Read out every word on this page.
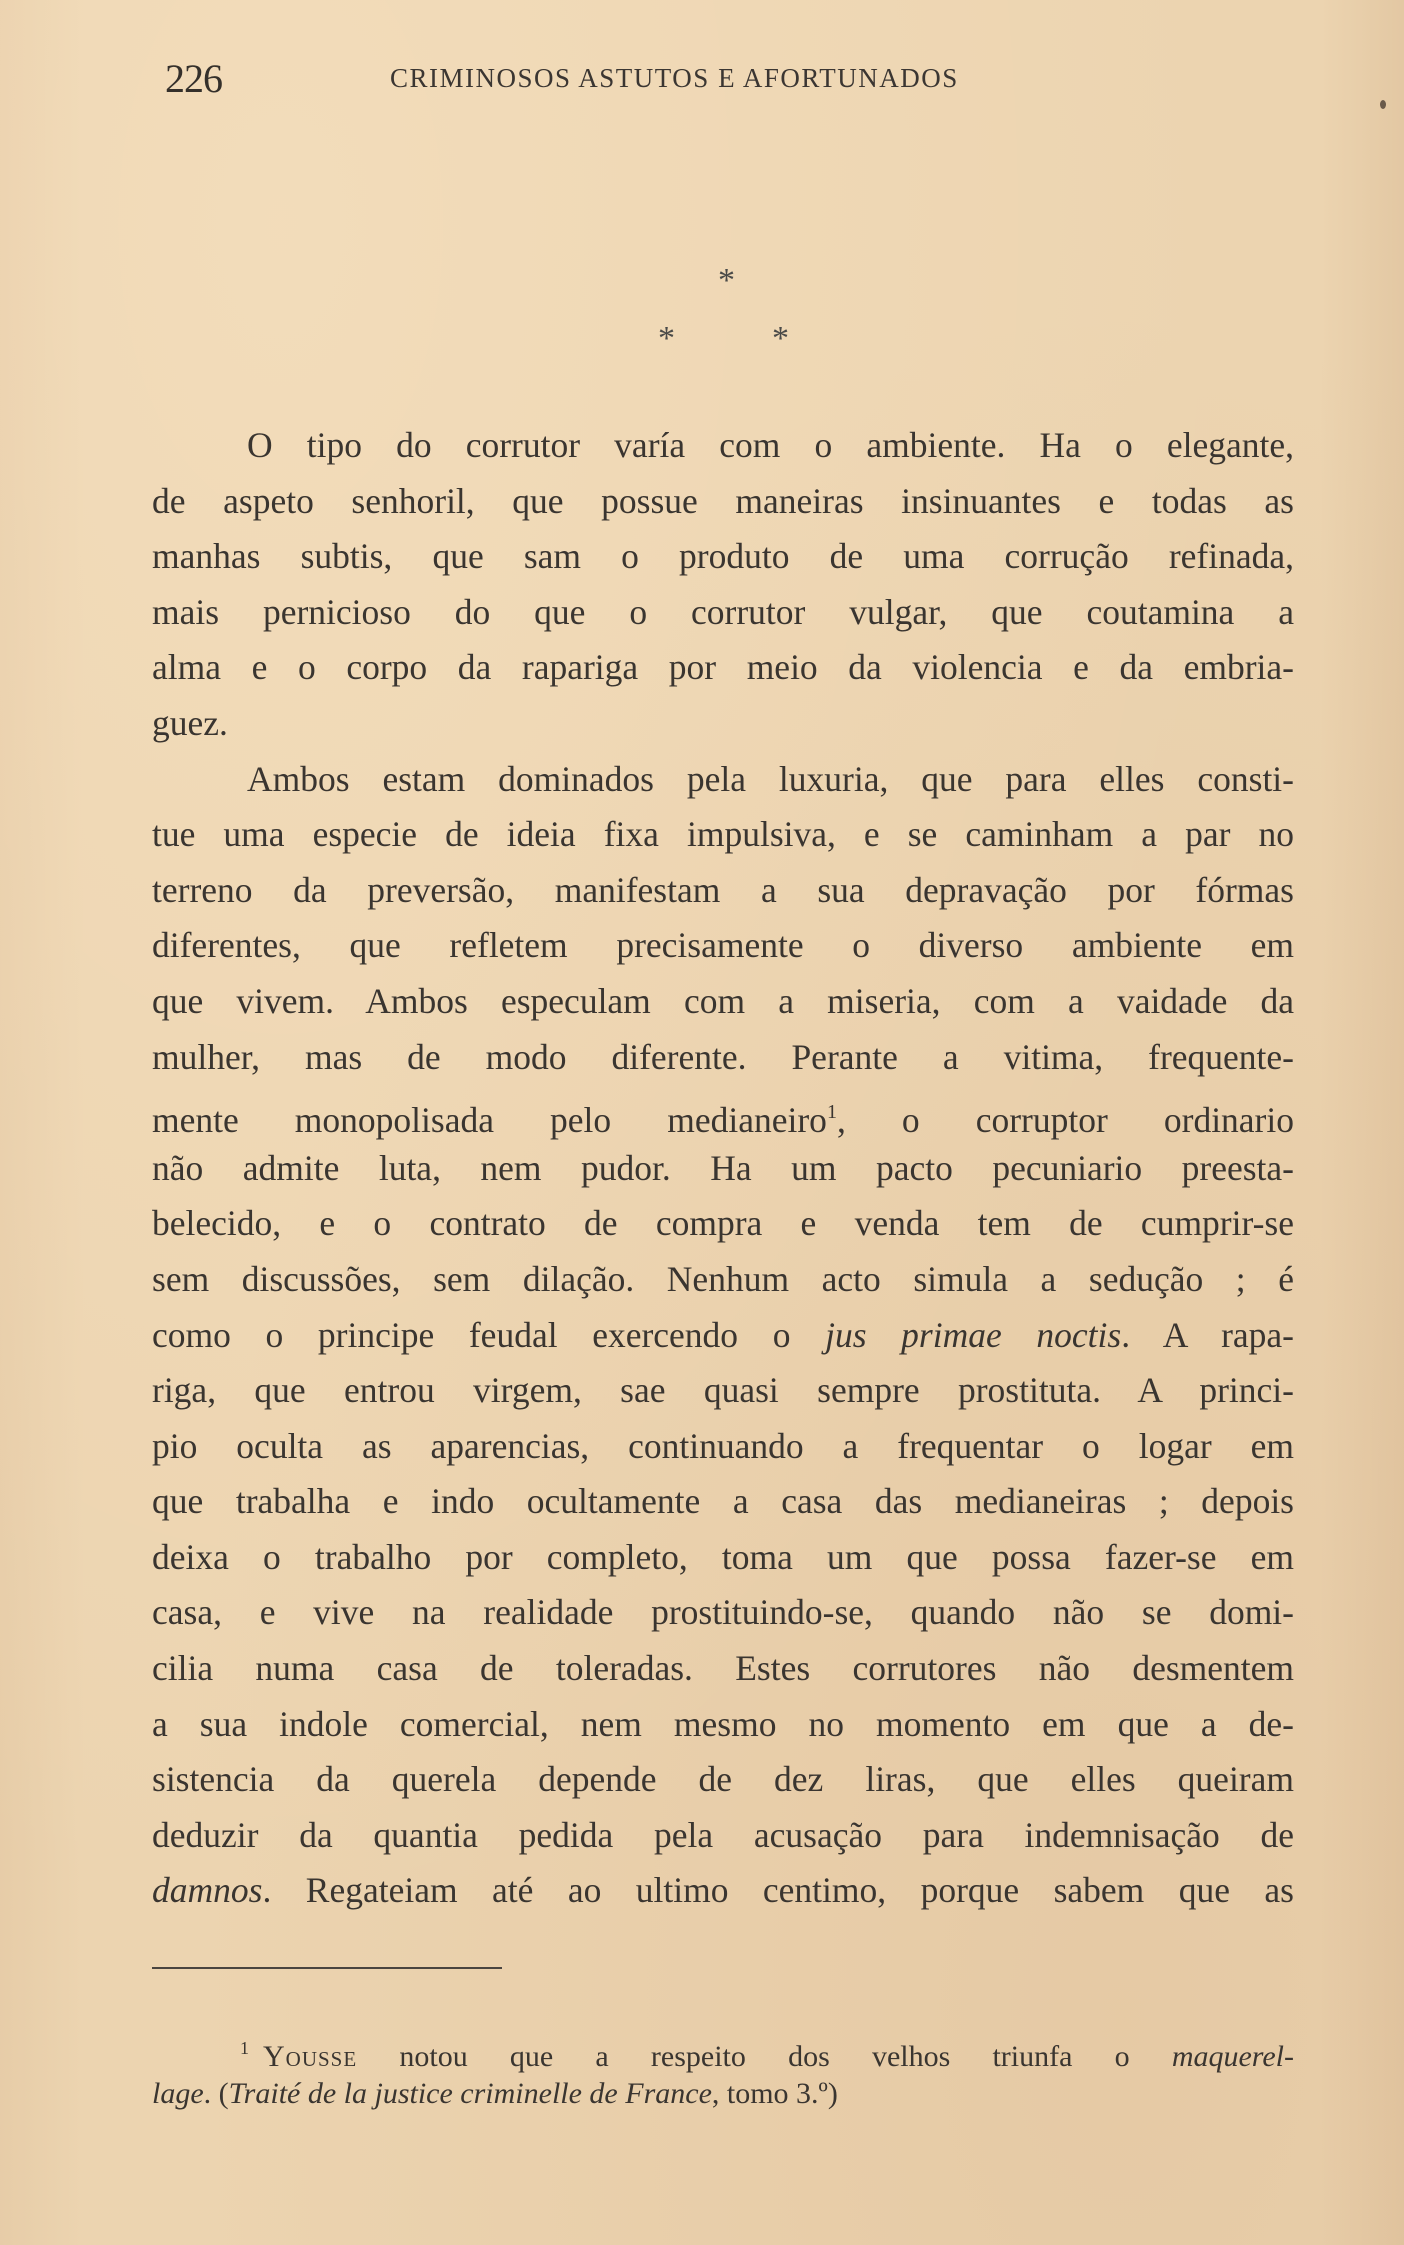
226	CRIMINOSOS ASTUTOS E AFORTUNADOS
*
*	*
O tipo do corrutor varía com o ambiente. Ha o elegante,
de aspeto senhoril, que possue maneiras insinuantes e todas as
manhas subtis, que sam o produto de uma corrução refinada,
mais pernicioso do que o corrutor vulgar, que coutamina a
alma e o corpo da rapariga por meio da violencia e da embria-
guez.
Ambos estam dominados pela luxuria, que para elles consti-
tue uma especie de ideia fixa impulsiva, e se caminham a par no
terreno da preversão, manifestam a sua depravação por fórmas
diferentes, que refletem precisamente o diverso ambiente em
que vivem. Ambos especulam com a miseria, com a vaidade da
mulher, mas de modo diferente. Perante a vitima, frequente-
mente monopolisada pelo medianeiro$^1$, o corruptor ordinario
não admite luta, nem pudor. Ha um pacto pecuniario preesta-
belecido, e o contrato de compra e venda tem de cumprir-se
sem discussões, sem dilação. Nenhum acto simula a sedução ; é
como o principe feudal exercendo o jus primae noctis. A rapa-
riga, que entrou virgem, sae quasi sempre prostituta. A princi-
pio oculta as aparencias, continuando a frequentar o logar em
que trabalha e indo ocultamente a casa das medianeiras ; depois
deixa o trabalho por completo, toma um que possa fazer-se em
casa, e vive na realidade prostituindo-se, quando não se domi-
cilia numa casa de toleradas. Estes corrutores não desmentem
a sua indole comercial, nem mesmo no momento em que a de-
sistencia da querela depende de dez liras, que elles queiram
deduzir da quantia pedida pela acusação para indemnisação de
damnos. Regateiam até ao ultimo centimo, porque sabem que as
$^1$ Yousse notou que a respeito dos velhos triunfa o maquerel-
lage. (Traité de la justice criminelle de France, tomo 3.º)
